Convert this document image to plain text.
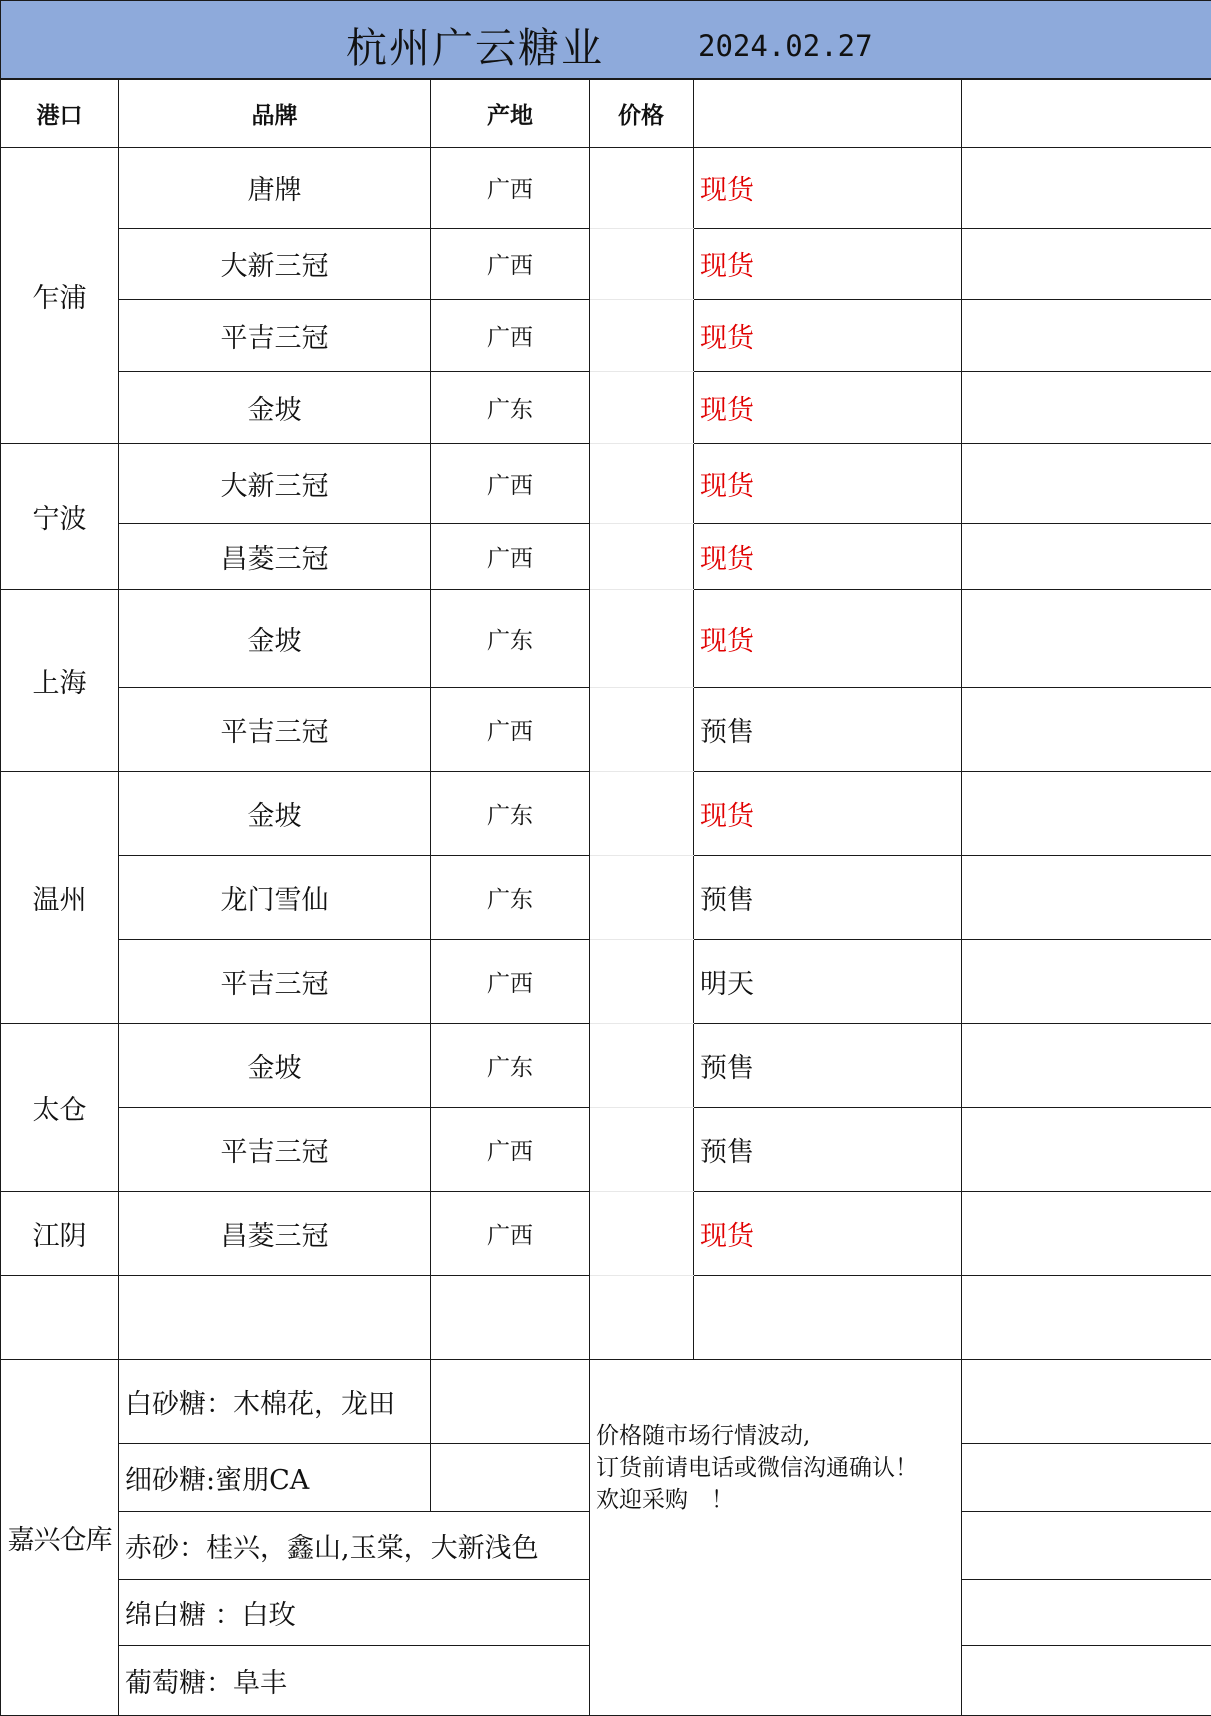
杭州广云糖业 2024.02.27					

港口	品牌	产地	价格		
乍浦	唐牌	广西		现货	
	大新三冠	广西		现货	
	平吉三冠	广西		现货	
	金坡	广东		现货	
宁波	大新三冠	广西		现货	
	昌菱三冠	广西		现货	
上海	金坡	广东		现货	
	平吉三冠	广西		预售	
温州	金坡	广东		现货	
	龙门雪仙	广东		预售	
	平吉三冠	广西		明天	
太仓	金坡	广东		预售	
	平吉三冠	广西		预售	
江阴	昌菱三冠	广西		现货	

嘉兴仓库	白砂糖：木棉花，龙田		价格随市场行情波动,
订货前请电话或微信沟通确认！
欢迎采购　！		

	细砂糖:蜜朋CA				
	赤砂：桂兴，鑫山,玉棠，大新浅色				
	绵白糖 ：白玫				
	葡萄糖：阜丰				
